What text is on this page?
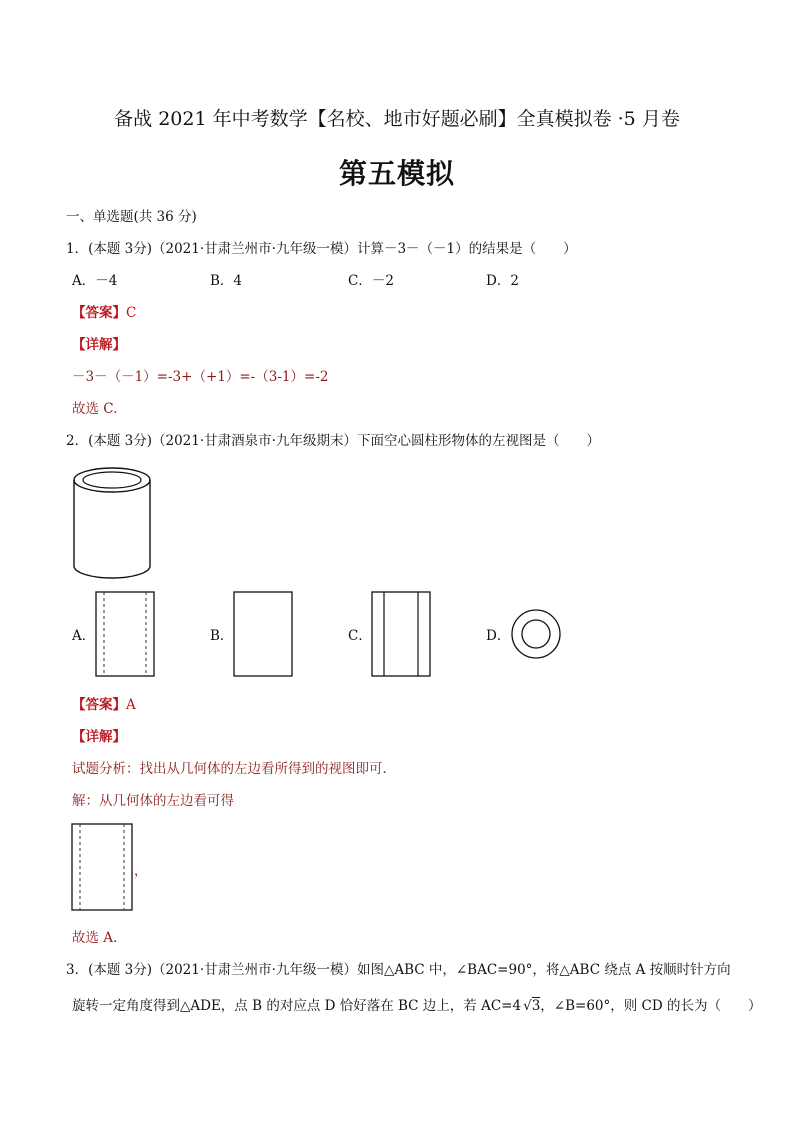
备战 2021 年中考数学【名校、地市好题必刷】全真模拟卷 ·5 月卷
第五模拟
一、单选题(共 36 分)
1．(本题 3分)（2021·甘肃兰州市·九年级一模）计算－3－（－1）的结果是（　　）
A．－4	B．4	C．－2	D．2
【答案】C
【详解】
－3－（－1）=-3+（+1）=-（3-1）=-2
故选 C.
2．(本题 3分)（2021·甘肃酒泉市·九年级期末）下面空心圆柱形物体的左视图是（　　）
A．	B．	C．	D．
【答案】A
【详解】
试题分析：找出从几何体的左边看所得到的视图即可．
解：从几何体的左边看可得
，
故选 A.
3．(本题 3分)（2021·甘肃兰州市·九年级一模）如图△ABC 中，∠BAC=90°，将△ABC 绕点 A 按顺时针方向
旋转一定角度得到△ADE，点 B 的对应点 D 恰好落在 BC 边上，若 AC=4 √3，∠B=60°，则 CD 的长为（　　）
